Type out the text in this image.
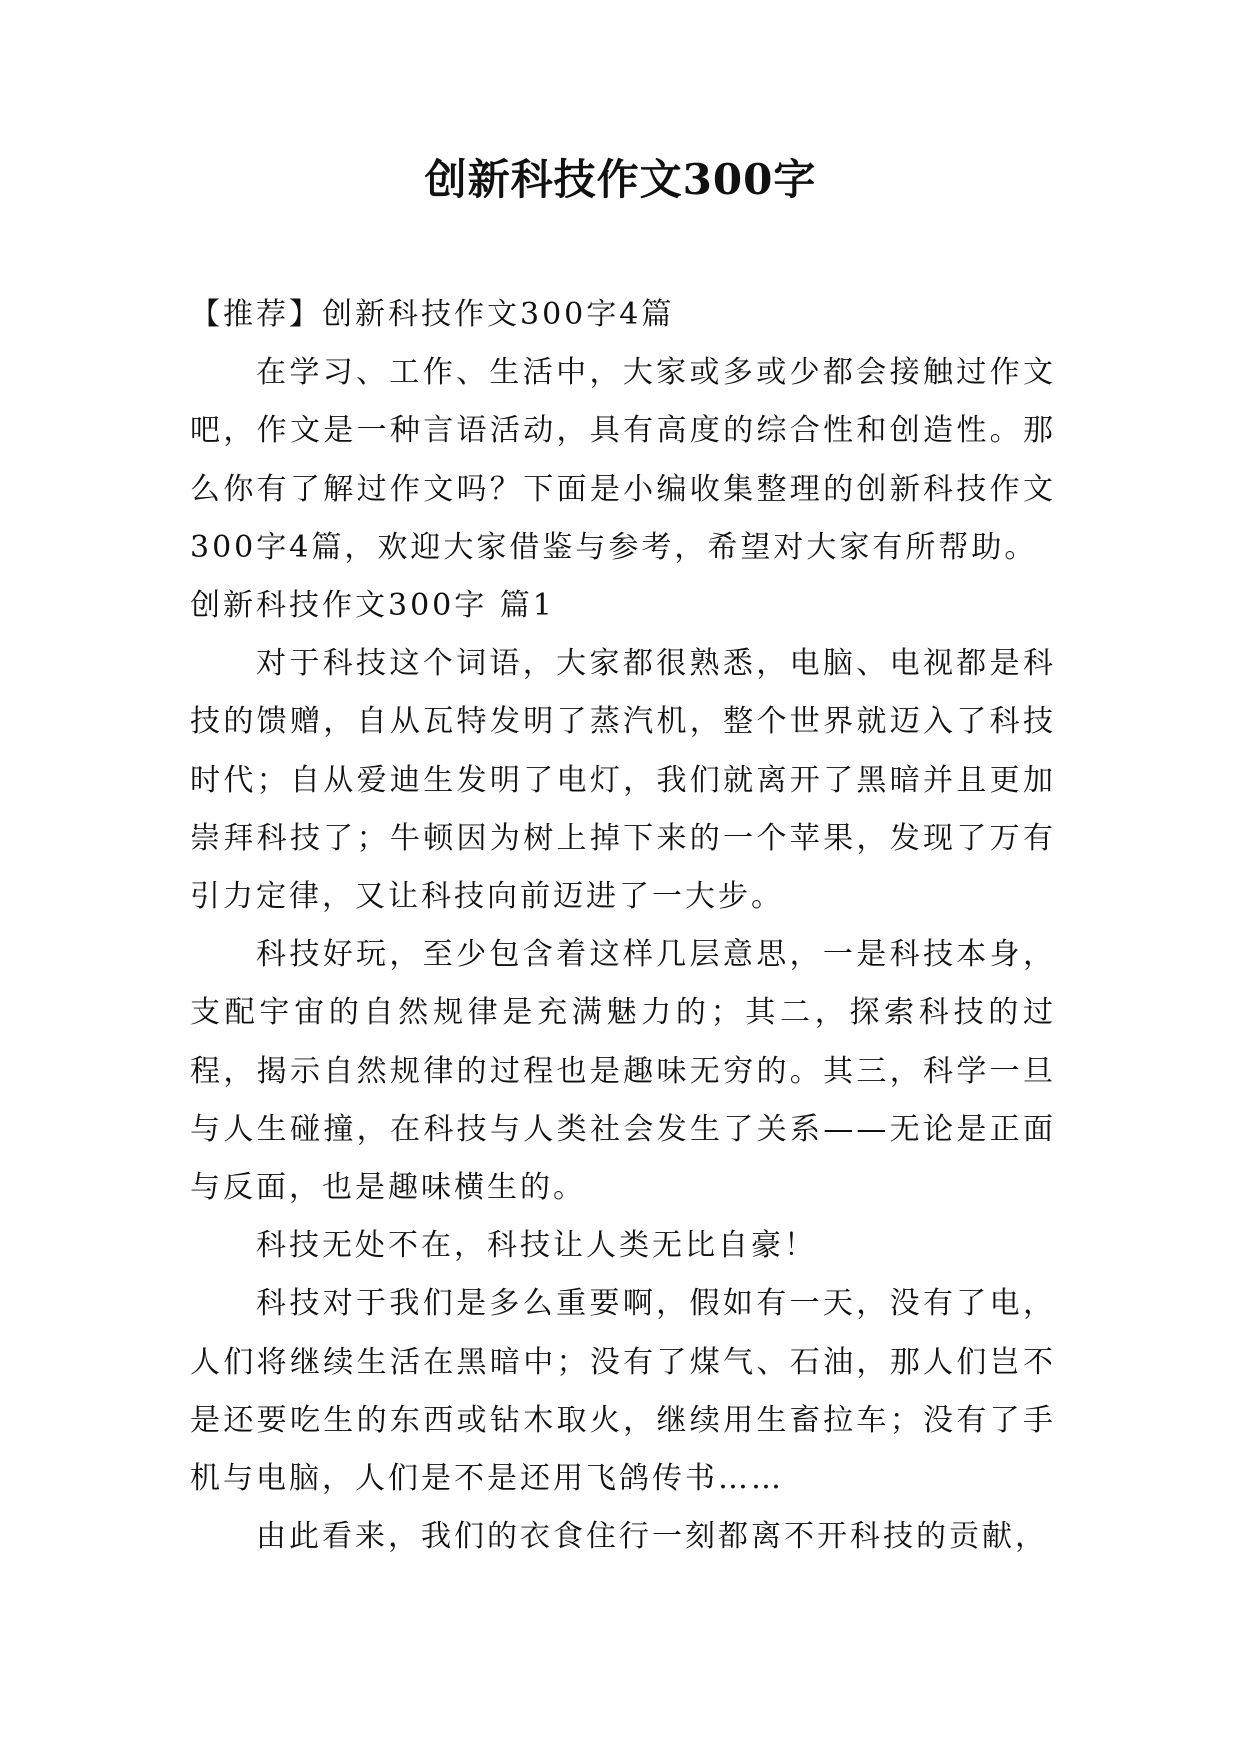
创新科技作文300字

【推荐】创新科技作文300字4篇

在学习、工作、生活中，大家或多或少都会接触过作文吧，作文是一种言语活动，具有高度的综合性和创造性。那么你有了解过作文吗？下面是小编收集整理的创新科技作文300字4篇，欢迎大家借鉴与参考，希望对大家有所帮助。

创新科技作文300字 篇1

对于科技这个词语，大家都很熟悉，电脑、电视都是科技的馈赠，自从瓦特发明了蒸汽机，整个世界就迈入了科技时代；自从爱迪生发明了电灯，我们就离开了黑暗并且更加崇拜科技了；牛顿因为树上掉下来的一个苹果，发现了万有引力定律，又让科技向前迈进了一大步。

科技好玩，至少包含着这样几层意思，一是科技本身，支配宇宙的自然规律是充满魅力的；其二，探索科技的过程，揭示自然规律的过程也是趣味无穷的。其三，科学一旦与人生碰撞，在科技与人类社会发生了关系——无论是正面与反面，也是趣味横生的。

科技无处不在，科技让人类无比自豪！

科技对于我们是多么重要啊，假如有一天，没有了电，人们将继续生活在黑暗中；没有了煤气、石油，那人们岂不是还要吃生的东西或钻木取火，继续用生畜拉车；没有了手机与电脑，人们是不是还用飞鸽传书……

由此看来，我们的衣食住行一刻都离不开科技的贡献，
